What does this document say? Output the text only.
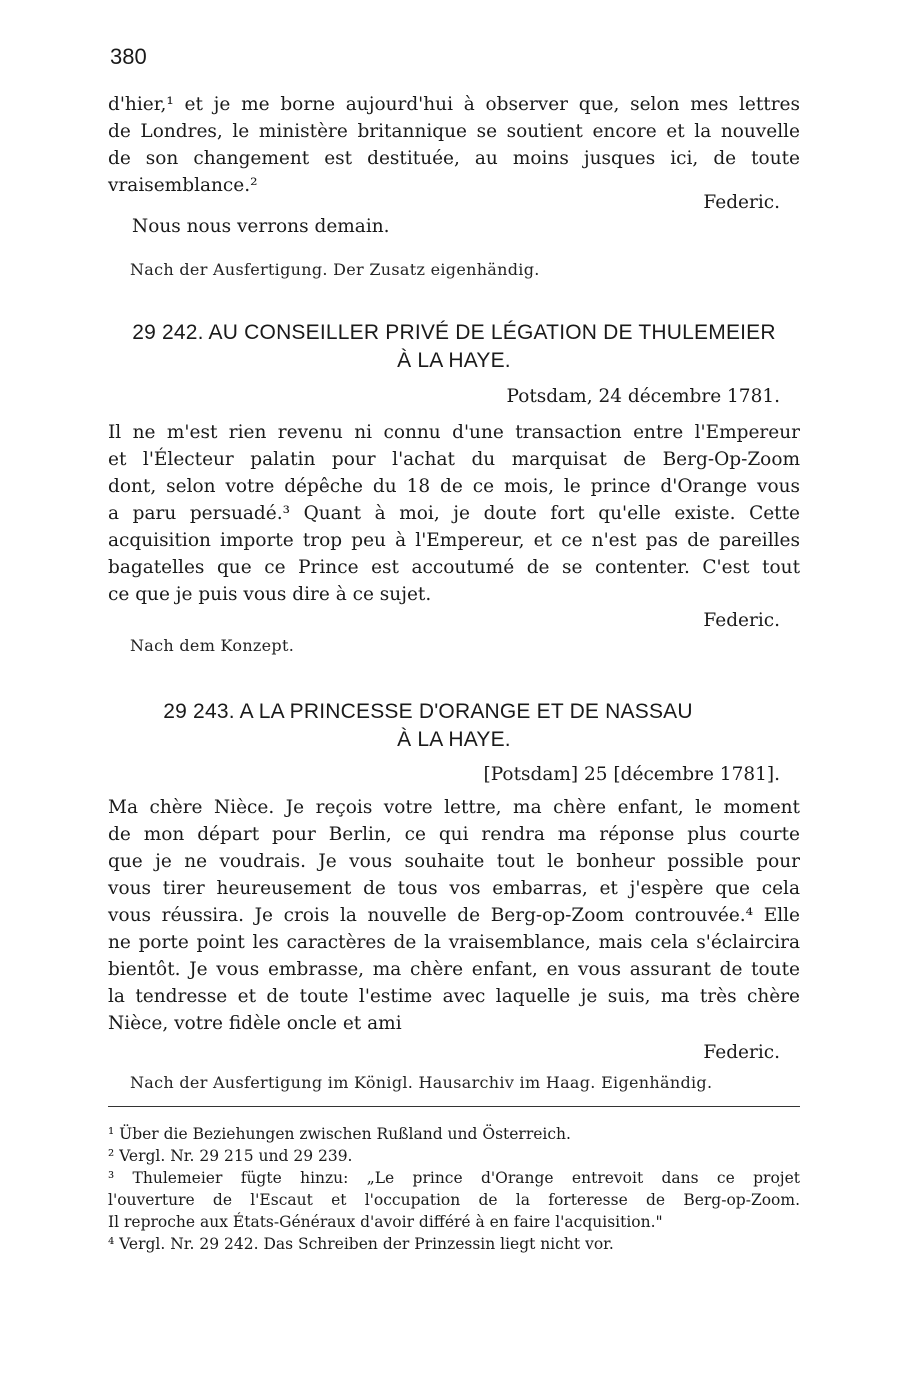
380
d'hier,¹ et je me borne aujourd'hui à observer que, selon mes lettres
de Londres, le ministère britannique se soutient encore et la nouvelle
de son changement est destituée, au moins jusques ici, de toute
vraisemblance.²
Federic.
Nous nous verrons demain.
Nach der Ausfertigung. Der Zusatz eigenhändig.
29 242. AU CONSEILLER PRIVÉ DE LÉGATION DE THULEMEIER
À LA HAYE.
Potsdam, 24 décembre 1781.
Il ne m'est rien revenu ni connu d'une transaction entre l'Empereur
et l'Électeur palatin pour l'achat du marquisat de Berg-Op-Zoom
dont, selon votre dépêche du 18 de ce mois, le prince d'Orange vous
a paru persuadé.³ Quant à moi, je doute fort qu'elle existe. Cette
acquisition importe trop peu à l'Empereur, et ce n'est pas de pareilles
bagatelles que ce Prince est accoutumé de se contenter. C'est tout
ce que je puis vous dire à ce sujet.
Federic.
Nach dem Konzept.
29 243. A LA PRINCESSE D'ORANGE ET DE NASSAU
À LA HAYE.
[Potsdam] 25 [décembre 1781].
Ma chère Nièce. Je reçois votre lettre, ma chère enfant, le moment
de mon départ pour Berlin, ce qui rendra ma réponse plus courte
que je ne voudrais. Je vous souhaite tout le bonheur possible pour
vous tirer heureusement de tous vos embarras, et j'espère que cela
vous réussira. Je crois la nouvelle de Berg-op-Zoom controuvée.⁴ Elle
ne porte point les caractères de la vraisemblance, mais cela s'éclaircira
bientôt. Je vous embrasse, ma chère enfant, en vous assurant de toute
la tendresse et de toute l'estime avec laquelle je suis, ma très chère
Nièce, votre fidèle oncle et ami
Federic.
Nach der Ausfertigung im Königl. Hausarchiv im Haag. Eigenhändig.
¹ Über die Beziehungen zwischen Rußland und Österreich.
² Vergl. Nr. 29 215 und 29 239.
³ Thulemeier fügte hinzu: „Le prince d'Orange entrevoit dans ce projet
l'ouverture de l'Escaut et l'occupation de la forteresse de Berg-op-Zoom.
Il reproche aux États-Généraux d'avoir différé à en faire l'acquisition."
⁴ Vergl. Nr. 29 242. Das Schreiben der Prinzessin liegt nicht vor.
